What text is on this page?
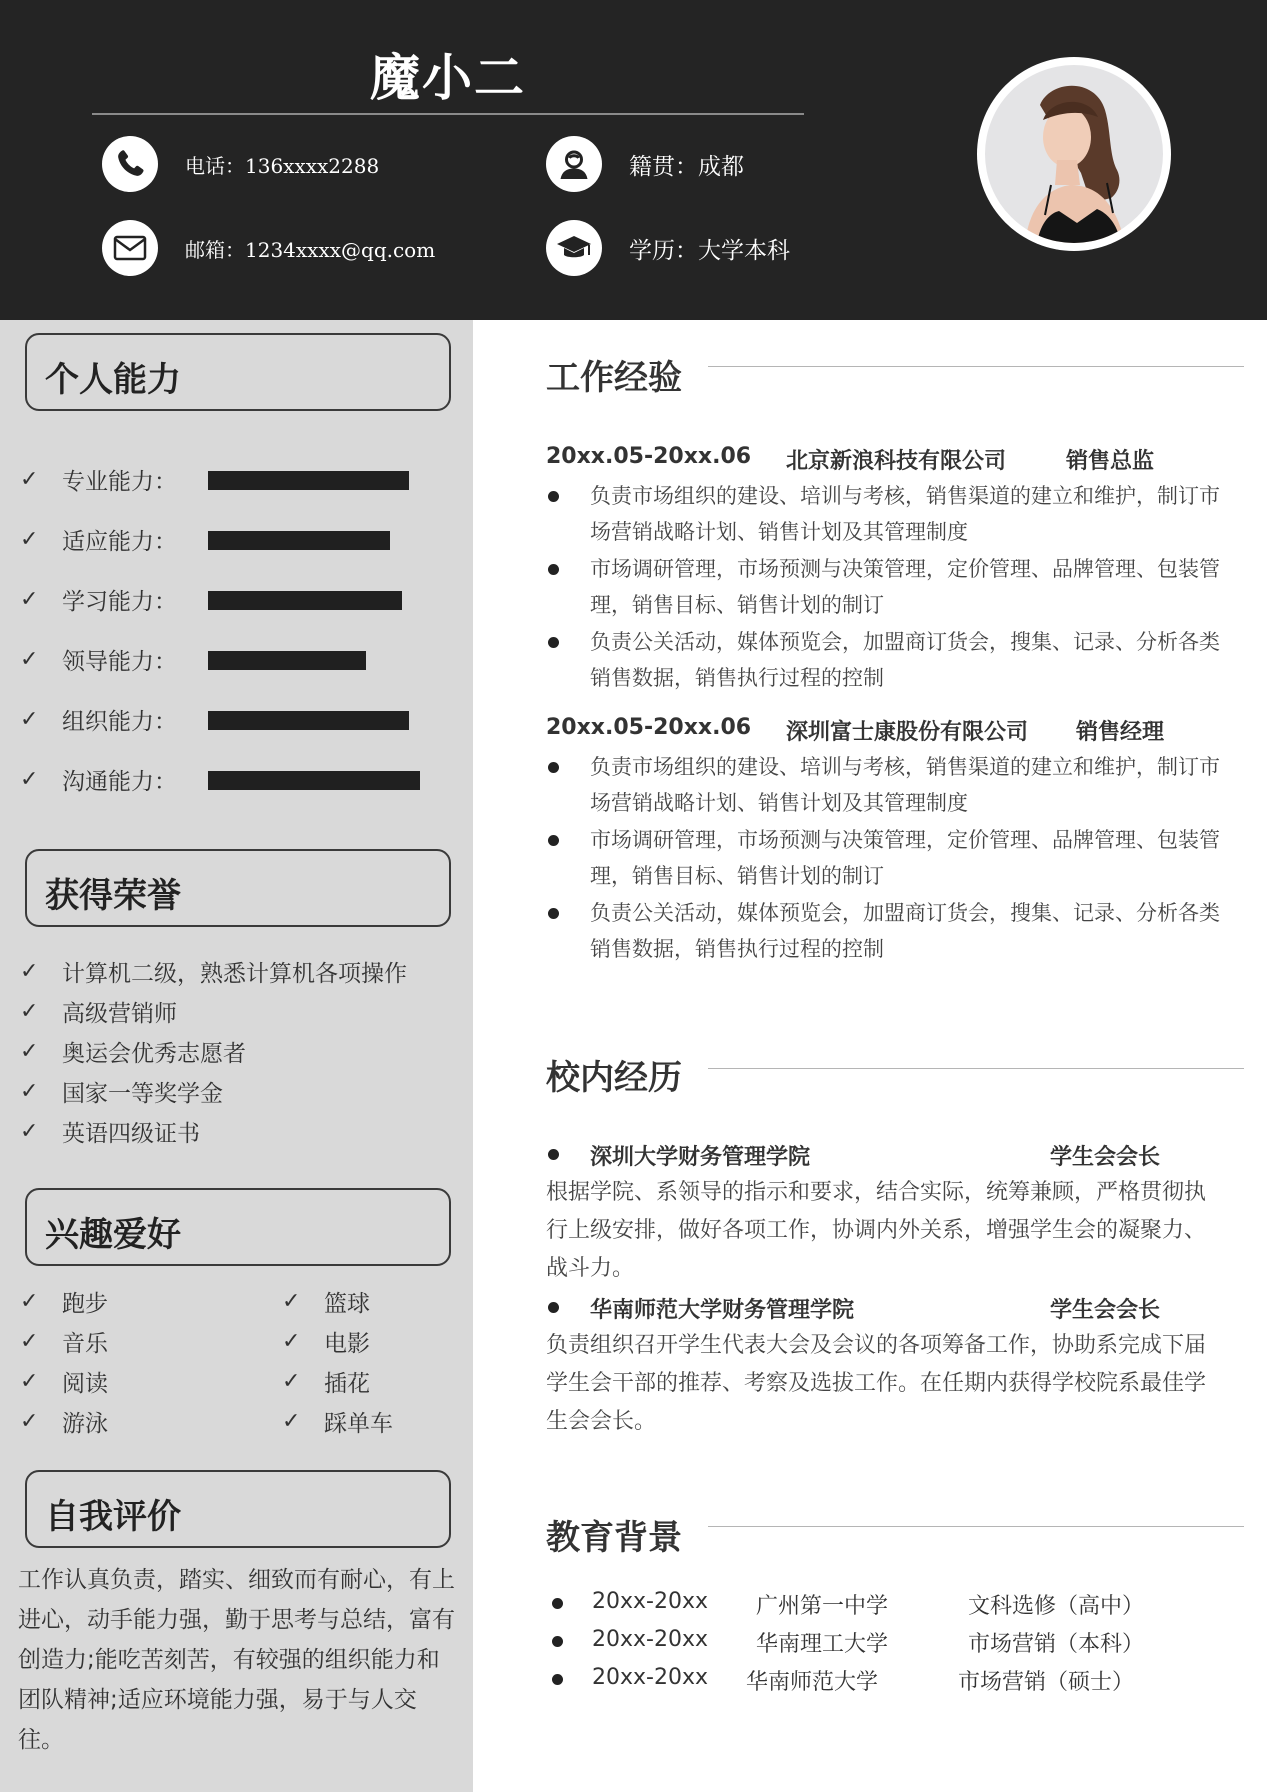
魔小二
电话：136xxxx2288	籍贯：成都
邮箱：1234xxxx@qq.com	学历：大学本科
个人能力
✓	专业能力：
✓	适应能力：
✓	学习能力：
✓	领导能力：
✓	组织能力：
✓	沟通能力：
获得荣誉
✓	计算机二级，熟悉计算机各项操作
✓	高级营销师
✓	奥运会优秀志愿者
✓	国家一等奖学金
✓	英语四级证书
兴趣爱好
✓	跑步	✓	篮球
✓	音乐	✓	电影
✓	阅读	✓	插花
✓	游泳	✓	踩单车
自我评价
工作认真负责，踏实、细致而有耐心，有上进心，动手能力强，勤于思考与总结，富有创造力;能吃苦刻苦，有较强的组织能力和团队精神;适应环境能力强，易于与人交往。
工作经验
20xx.05-20xx.06 北京新浪科技有限公司	销售总监
负责市场组织的建设、培训与考核，销售渠道的建立和维护，制订市场营销战略计划、销售计划及其管理制度
市场调研管理，市场预测与决策管理，定价管理、品牌管理、包装管理，销售目标、销售计划的制订
负责公关活动，媒体预览会，加盟商订货会，搜集、记录、分析各类销售数据，销售执行过程的控制
20xx.05-20xx.06 深圳富士康股份有限公司 销售经理
负责市场组织的建设、培训与考核，销售渠道的建立和维护，制订市场营销战略计划、销售计划及其管理制度
市场调研管理，市场预测与决策管理，定价管理、品牌管理、包装管理，销售目标、销售计划的制订
负责公关活动，媒体预览会，加盟商订货会，搜集、记录、分析各类销售数据，销售执行过程的控制
校内经历
深圳大学财务管理学院	学生会会长
根据学院、系领导的指示和要求，结合实际，统筹兼顾，严格贯彻执行上级安排，做好各项工作，协调内外关系，增强学生会的凝聚力、战斗力。
华南师范大学财务管理学院	学生会会长
负责组织召开学生代表大会及会议的各项筹备工作，协助系完成下届学生会干部的推荐、考察及选拔工作。在任期内获得学校院系最佳学生会会长。
教育背景
20xx-20xx 广州第一中学	文科选修（高中）
20xx-20xx 华南理工大学	市场营销（本科）
20xx-20xx 华南师范大学	市场营销（硕士）
